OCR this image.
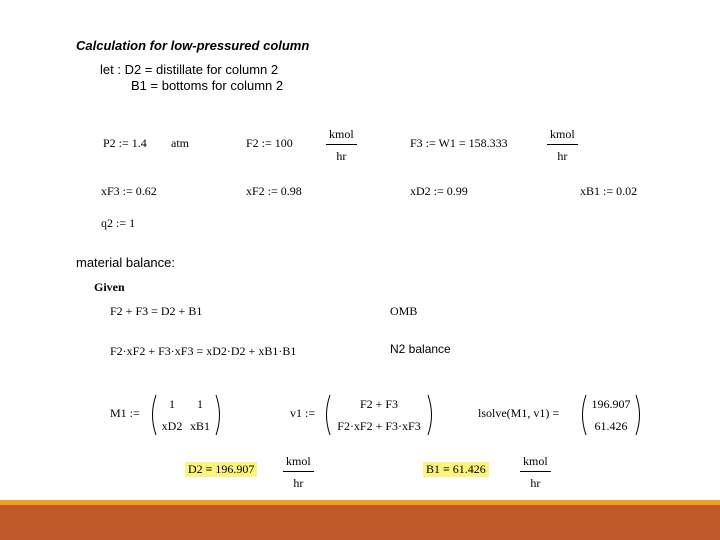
Calculation for low-pressured column
let : D2 = distillate for column 2
B1 = bottoms for column 2
P2 := 1.4 atm	F2 := 100
kmol
hr
F3 := W1 = 158.333
kmol
hr
xF3 := 0.62	xF2 := 0.98	xD2 := 0.99	xB1 := 0.02
q2 := 1
material balance:
Given
F2 + F3 = D2 + B1	OMB
F2·xF2 + F3·xF3 = xD2·D2 + xB1·B1	N2 balance
M1 :=
1 1
xD2 xB1
v1 :=
F2 + F3
F2·xF2 + F3·xF3
lsolve(M1, v1) =
196.907
61.426
D2 ≡ 196.907
kmol
hr
B1 ≡ 61.426
kmol
hr
